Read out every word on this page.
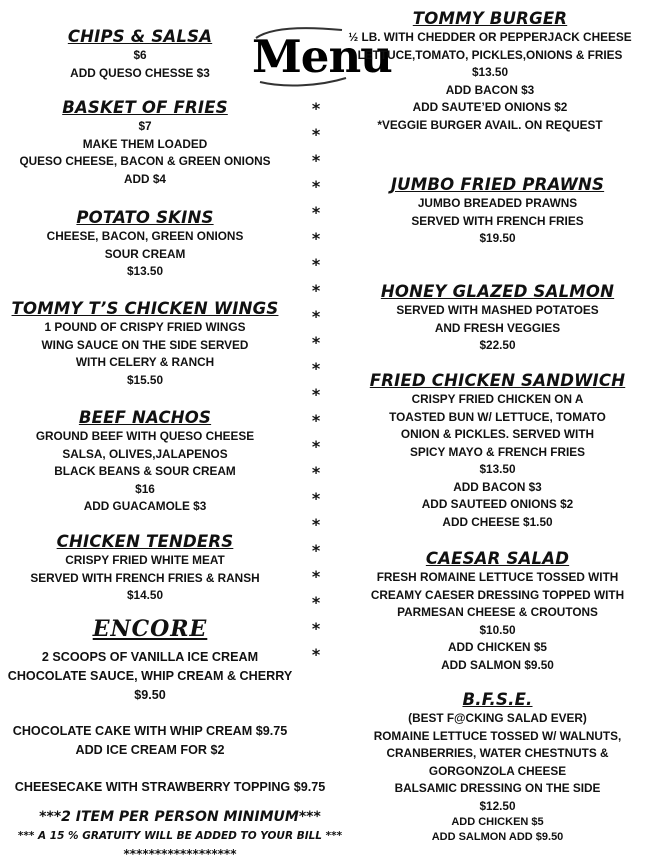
Menu
CHIPS & SALSA
$6
ADD QUESO CHESSE $3
BASKET OF FRIES
$7
MAKE THEM LOADED
QUESO CHEESE, BACON & GREEN ONIONS
ADD $4
POTATO SKINS
CHEESE, BACON, GREEN ONIONS
SOUR CREAM
$13.50
TOMMY T’S CHICKEN WINGS
1 POUND OF CRISPY FRIED WINGS
WING SAUCE ON THE SIDE SERVED
WITH CELERY & RANCH
$15.50
BEEF NACHOS
GROUND BEEF WITH QUESO CHEESE
SALSA, OLIVES,JALAPENOS
BLACK BEANS & SOUR CREAM
$16
ADD GUACAMOLE $3
CHICKEN TENDERS
CRISPY FRIED WHITE MEAT
SERVED WITH FRENCH FRIES & RANSH
$14.50
ENCORE
2 SCOOPS OF VANILLA ICE CREAM
CHOCOLATE SAUCE, WHIP CREAM & CHERRY
$9.50
CHOCOLATE CAKE WITH WHIP CREAM $9.75
ADD ICE CREAM FOR $2
CHEESECAKE WITH STRAWBERRY TOPPING $9.75
***2 ITEM PER PERSON MINIMUM***
*** A 15 % GRATUITY WILL BE ADDED TO YOUR BILL ***
******************
*
*
*
*
*
*
*
*
*
*
*
*
*
*
*
*
*
*
*
*
*
*
TOMMY BURGER
½ LB. WITH CHEDDER OR PEPPERJACK CHEESE
LETTUCE,TOMATO, PICKLES,ONIONS & FRIES
$13.50
ADD BACON $3
ADD SAUTE’ED ONIONS $2
*VEGGIE BURGER AVAIL. ON REQUEST
JUMBO FRIED PRAWNS
JUMBO BREADED PRAWNS
SERVED WITH FRENCH FRIES
$19.50
HONEY GLAZED SALMON
SERVED WITH MASHED POTATOES
AND FRESH VEGGIES
$22.50
FRIED CHICKEN SANDWICH
CRISPY FRIED CHICKEN ON A
TOASTED BUN W/ LETTUCE, TOMATO
ONION & PICKLES. SERVED WITH
SPICY MAYO & FRENCH FRIES
$13.50
ADD BACON $3
ADD SAUTEED ONIONS $2
ADD CHEESE $1.50
CAESAR SALAD
FRESH ROMAINE LETTUCE TOSSED WITH
CREAMY CAESER DRESSING TOPPED WITH
PARMESAN CHEESE & CROUTONS
$10.50
ADD CHICKEN $5
ADD SALMON $9.50
B.F.S.E.
(BEST F@CKING SALAD EVER)
ROMAINE LETTUCE TOSSED W/ WALNUTS,
CRANBERRIES, WATER CHESTNUTS &
GORGONZOLA CHEESE
BALSAMIC DRESSING ON THE SIDE
$12.50
ADD CHICKEN $5
ADD SALMON ADD $9.50
